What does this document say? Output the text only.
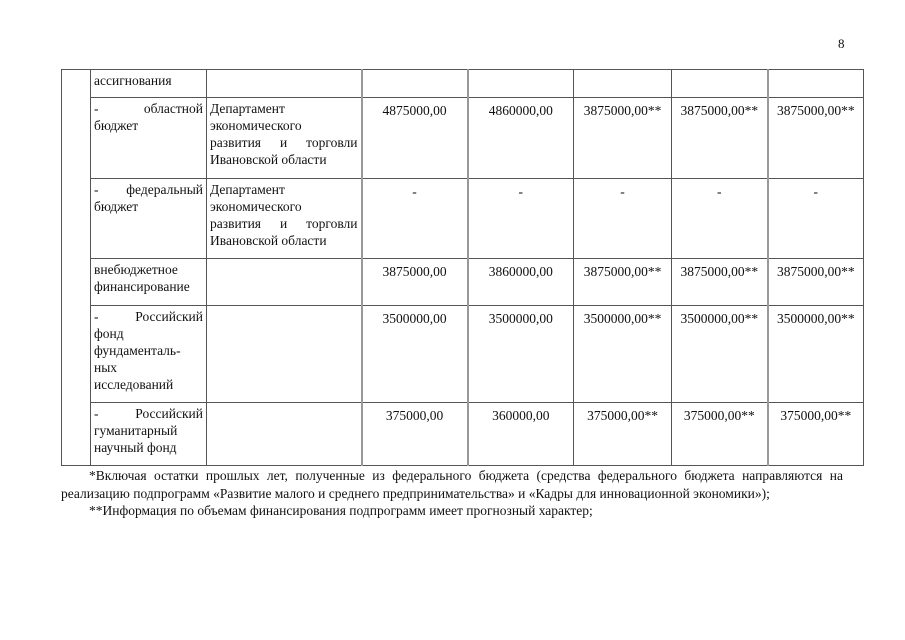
8

	ассигнования						

-	областной
бюджет

Департамент
экономического
развития и торговли
Ивановской области
	4875000,00	4860000,00	3875000,00**	3875000,00**	3875000,00**

- федеральный
бюджет

Департамент
экономического
развития и торговли
Ивановской области
	-	-	-	-	-

	внебюджетное
финансирование		3875000,00	3860000,00	3875000,00**	3875000,00**	3875000,00**

-	Российский
фонд
фундаменталь-
ных
исследований
		3500000,00	3500000,00	3500000,00**	3500000,00**	3500000,00**

	- Российский
гуманитарный
научный фонд		375000,00	360000,00	375000,00**	375000,00**	375000,00**

*Включая остатки прошлых лет, полученные из федерального бюджета (средства федерального бюджета направляются на реализацию подпрограмм «Развитие малого и среднего предпринимательства» и «Кадры для инновационной экономики»);

**Информация по объемам финансирования подпрограмм имеет прогнозный характер;
